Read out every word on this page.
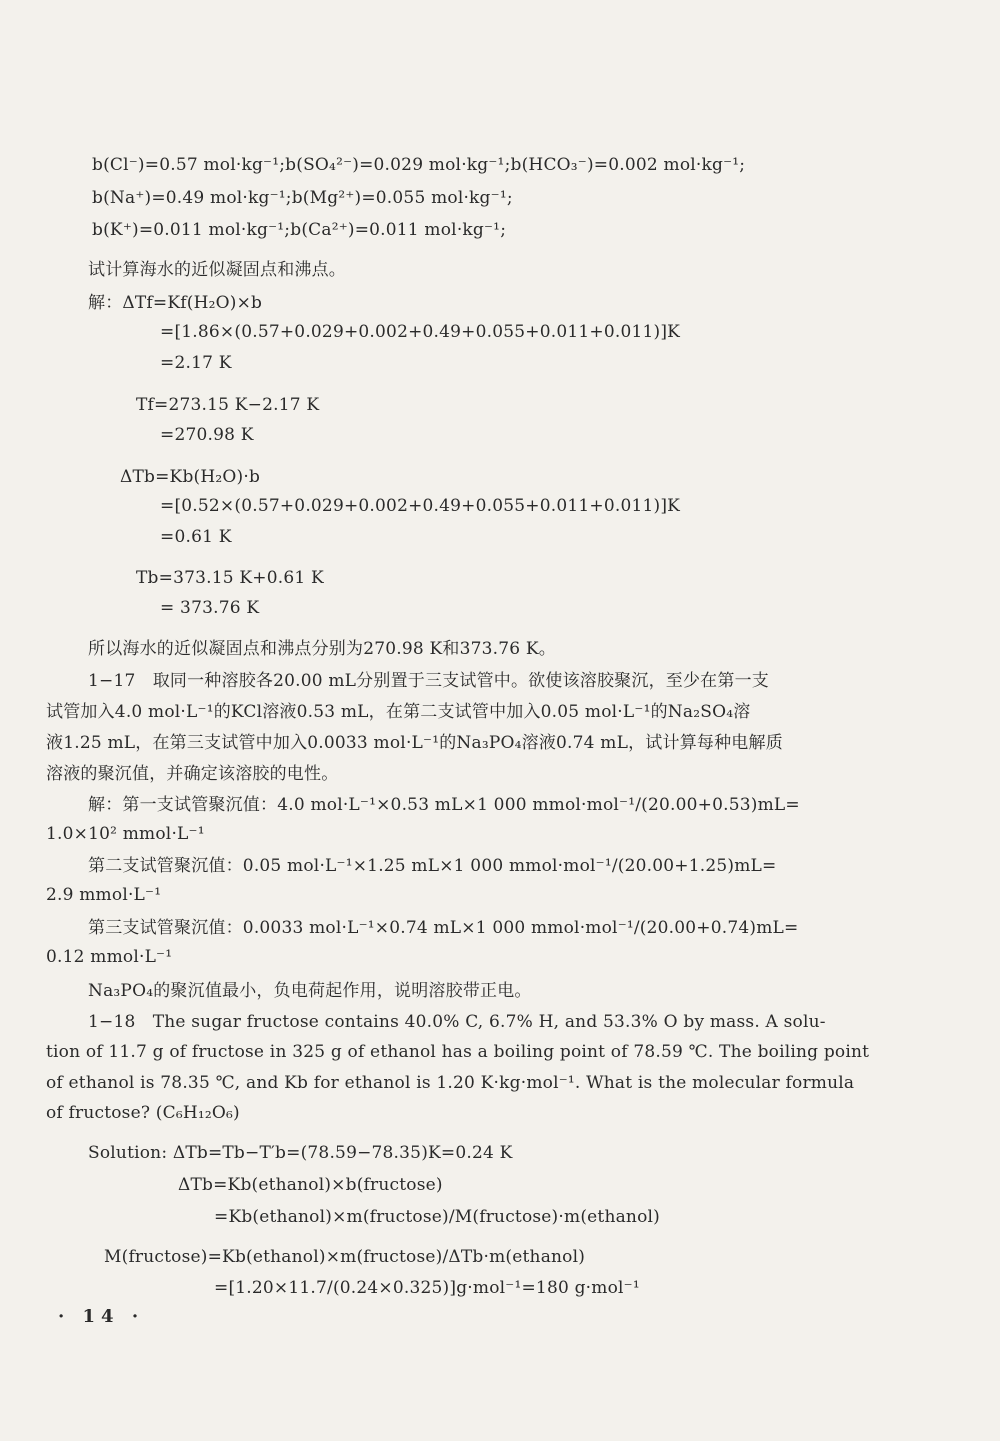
b(Cl⁻)=0.57 mol·kg⁻¹;b(SO₄²⁻)=0.029 mol·kg⁻¹;b(HCO₃⁻)=0.002 mol·kg⁻¹;

b(Na⁺)=0.49 mol·kg⁻¹;b(Mg²⁺)=0.055 mol·kg⁻¹;

b(K⁺)=0.011 mol·kg⁻¹;b(Ca²⁺)=0.011 mol·kg⁻¹;

试计算海水的近似凝固点和沸点。

解：ΔTf=Kf(H₂O)×b

=[1.86×(0.57+0.029+0.002+0.49+0.055+0.011+0.011)]K

=2.17 K

Tf=273.15 K−2.17 K

=270.98 K

ΔTb=Kb(H₂O)·b

=[0.52×(0.57+0.029+0.002+0.49+0.055+0.011+0.011)]K

=0.61 K

Tb=373.15 K+0.61 K

= 373.76 K

所以海水的近似凝固点和沸点分别为270.98 K和373.76 K。

1−17　取同一种溶胶各20.00 mL分别置于三支试管中。欲使该溶胶聚沉，至少在第一支

试管加入4.0 mol·L⁻¹的KCl溶液0.53 mL，在第二支试管中加入0.05 mol·L⁻¹的Na₂SO₄溶

液1.25 mL，在第三支试管中加入0.0033 mol·L⁻¹的Na₃PO₄溶液0.74 mL，试计算每种电解质

溶液的聚沉值，并确定该溶胶的电性。

解：第一支试管聚沉值：4.0 mol·L⁻¹×0.53 mL×1 000 mmol·mol⁻¹/(20.00+0.53)mL=

1.0×10² mmol·L⁻¹

第二支试管聚沉值：0.05 mol·L⁻¹×1.25 mL×1 000 mmol·mol⁻¹/(20.00+1.25)mL=

2.9 mmol·L⁻¹

第三支试管聚沉值：0.0033 mol·L⁻¹×0.74 mL×1 000 mmol·mol⁻¹/(20.00+0.74)mL=

0.12 mmol·L⁻¹

Na₃PO₄的聚沉值最小，负电荷起作用，说明溶胶带正电。

1−18　The sugar fructose contains 40.0% C, 6.7% H, and 53.3% O by mass. A solu-

tion of 11.7 g of fructose in 325 g of ethanol has a boiling point of 78.59 ℃. The boiling point

of ethanol is 78.35 ℃, and Kb for ethanol is 1.20 K·kg·mol⁻¹. What is the molecular formula

of fructose? (C₆H₁₂O₆)

Solution: ΔTb=Tb−T′b=(78.59−78.35)K=0.24 K

ΔTb=Kb(ethanol)×b(fructose)

=Kb(ethanol)×m(fructose)/M(fructose)·m(ethanol)

M(fructose)=Kb(ethanol)×m(fructose)/ΔTb·m(ethanol)

=[1.20×11.7/(0.24×0.325)]g·mol⁻¹=180 g·mol⁻¹

· 14 ·
